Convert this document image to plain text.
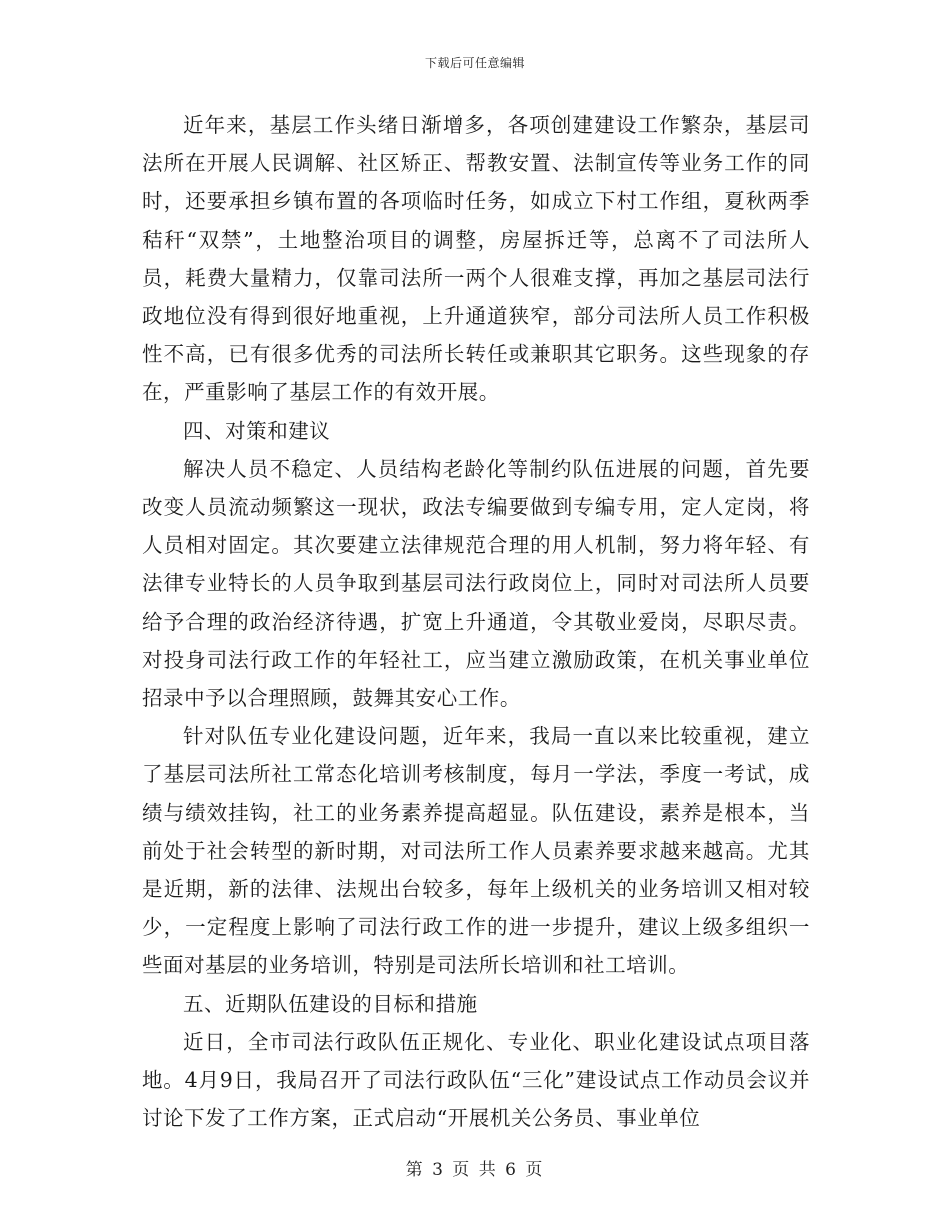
下载后可任意编辑

近年来，基层工作头绪日渐增多，各项创建建设工作繁杂，基层司法所在开展人民调解、社区矫正、帮教安置、法制宣传等业务工作的同时，还要承担乡镇布置的各项临时任务，如成立下村工作组，夏秋两季秸秆“双禁”，土地整治项目的调整，房屋拆迁等，总离不了司法所人员，耗费大量精力，仅靠司法所一两个人很难支撑，再加之基层司法行政地位没有得到很好地重视，上升通道狭窄，部分司法所人员工作积极性不高，已有很多优秀的司法所长转任或兼职其它职务。这些现象的存在，严重影响了基层工作的有效开展。

四、对策和建议

解决人员不稳定、人员结构老龄化等制约队伍进展的问题，首先要改变人员流动频繁这一现状，政法专编要做到专编专用，定人定岗，将人员相对固定。其次要建立法律规范合理的用人机制，努力将年轻、有法律专业特长的人员争取到基层司法行政岗位上，同时对司法所人员要给予合理的政治经济待遇，扩宽上升通道，令其敬业爱岗，尽职尽责。对投身司法行政工作的年轻社工，应当建立激励政策，在机关事业单位招录中予以合理照顾，鼓舞其安心工作。

针对队伍专业化建设问题，近年来，我局一直以来比较重视，建立了基层司法所社工常态化培训考核制度，每月一学法，季度一考试，成绩与绩效挂钩，社工的业务素养提高超显。队伍建设，素养是根本，当前处于社会转型的新时期，对司法所工作人员素养要求越来越高。尤其是近期，新的法律、法规出台较多，每年上级机关的业务培训又相对较少，一定程度上影响了司法行政工作的进一步提升，建议上级多组织一些面对基层的业务培训，特别是司法所长培训和社工培训。

五、近期队伍建设的目标和措施

近日，全市司法行政队伍正规化、专业化、职业化建设试点项目落地。4月9日，我局召开了司法行政队伍“三化”建设试点工作动员会议并讨论下发了工作方案，正式启动“开展机关公务员、事业单位

第 3 页 共 6 页
